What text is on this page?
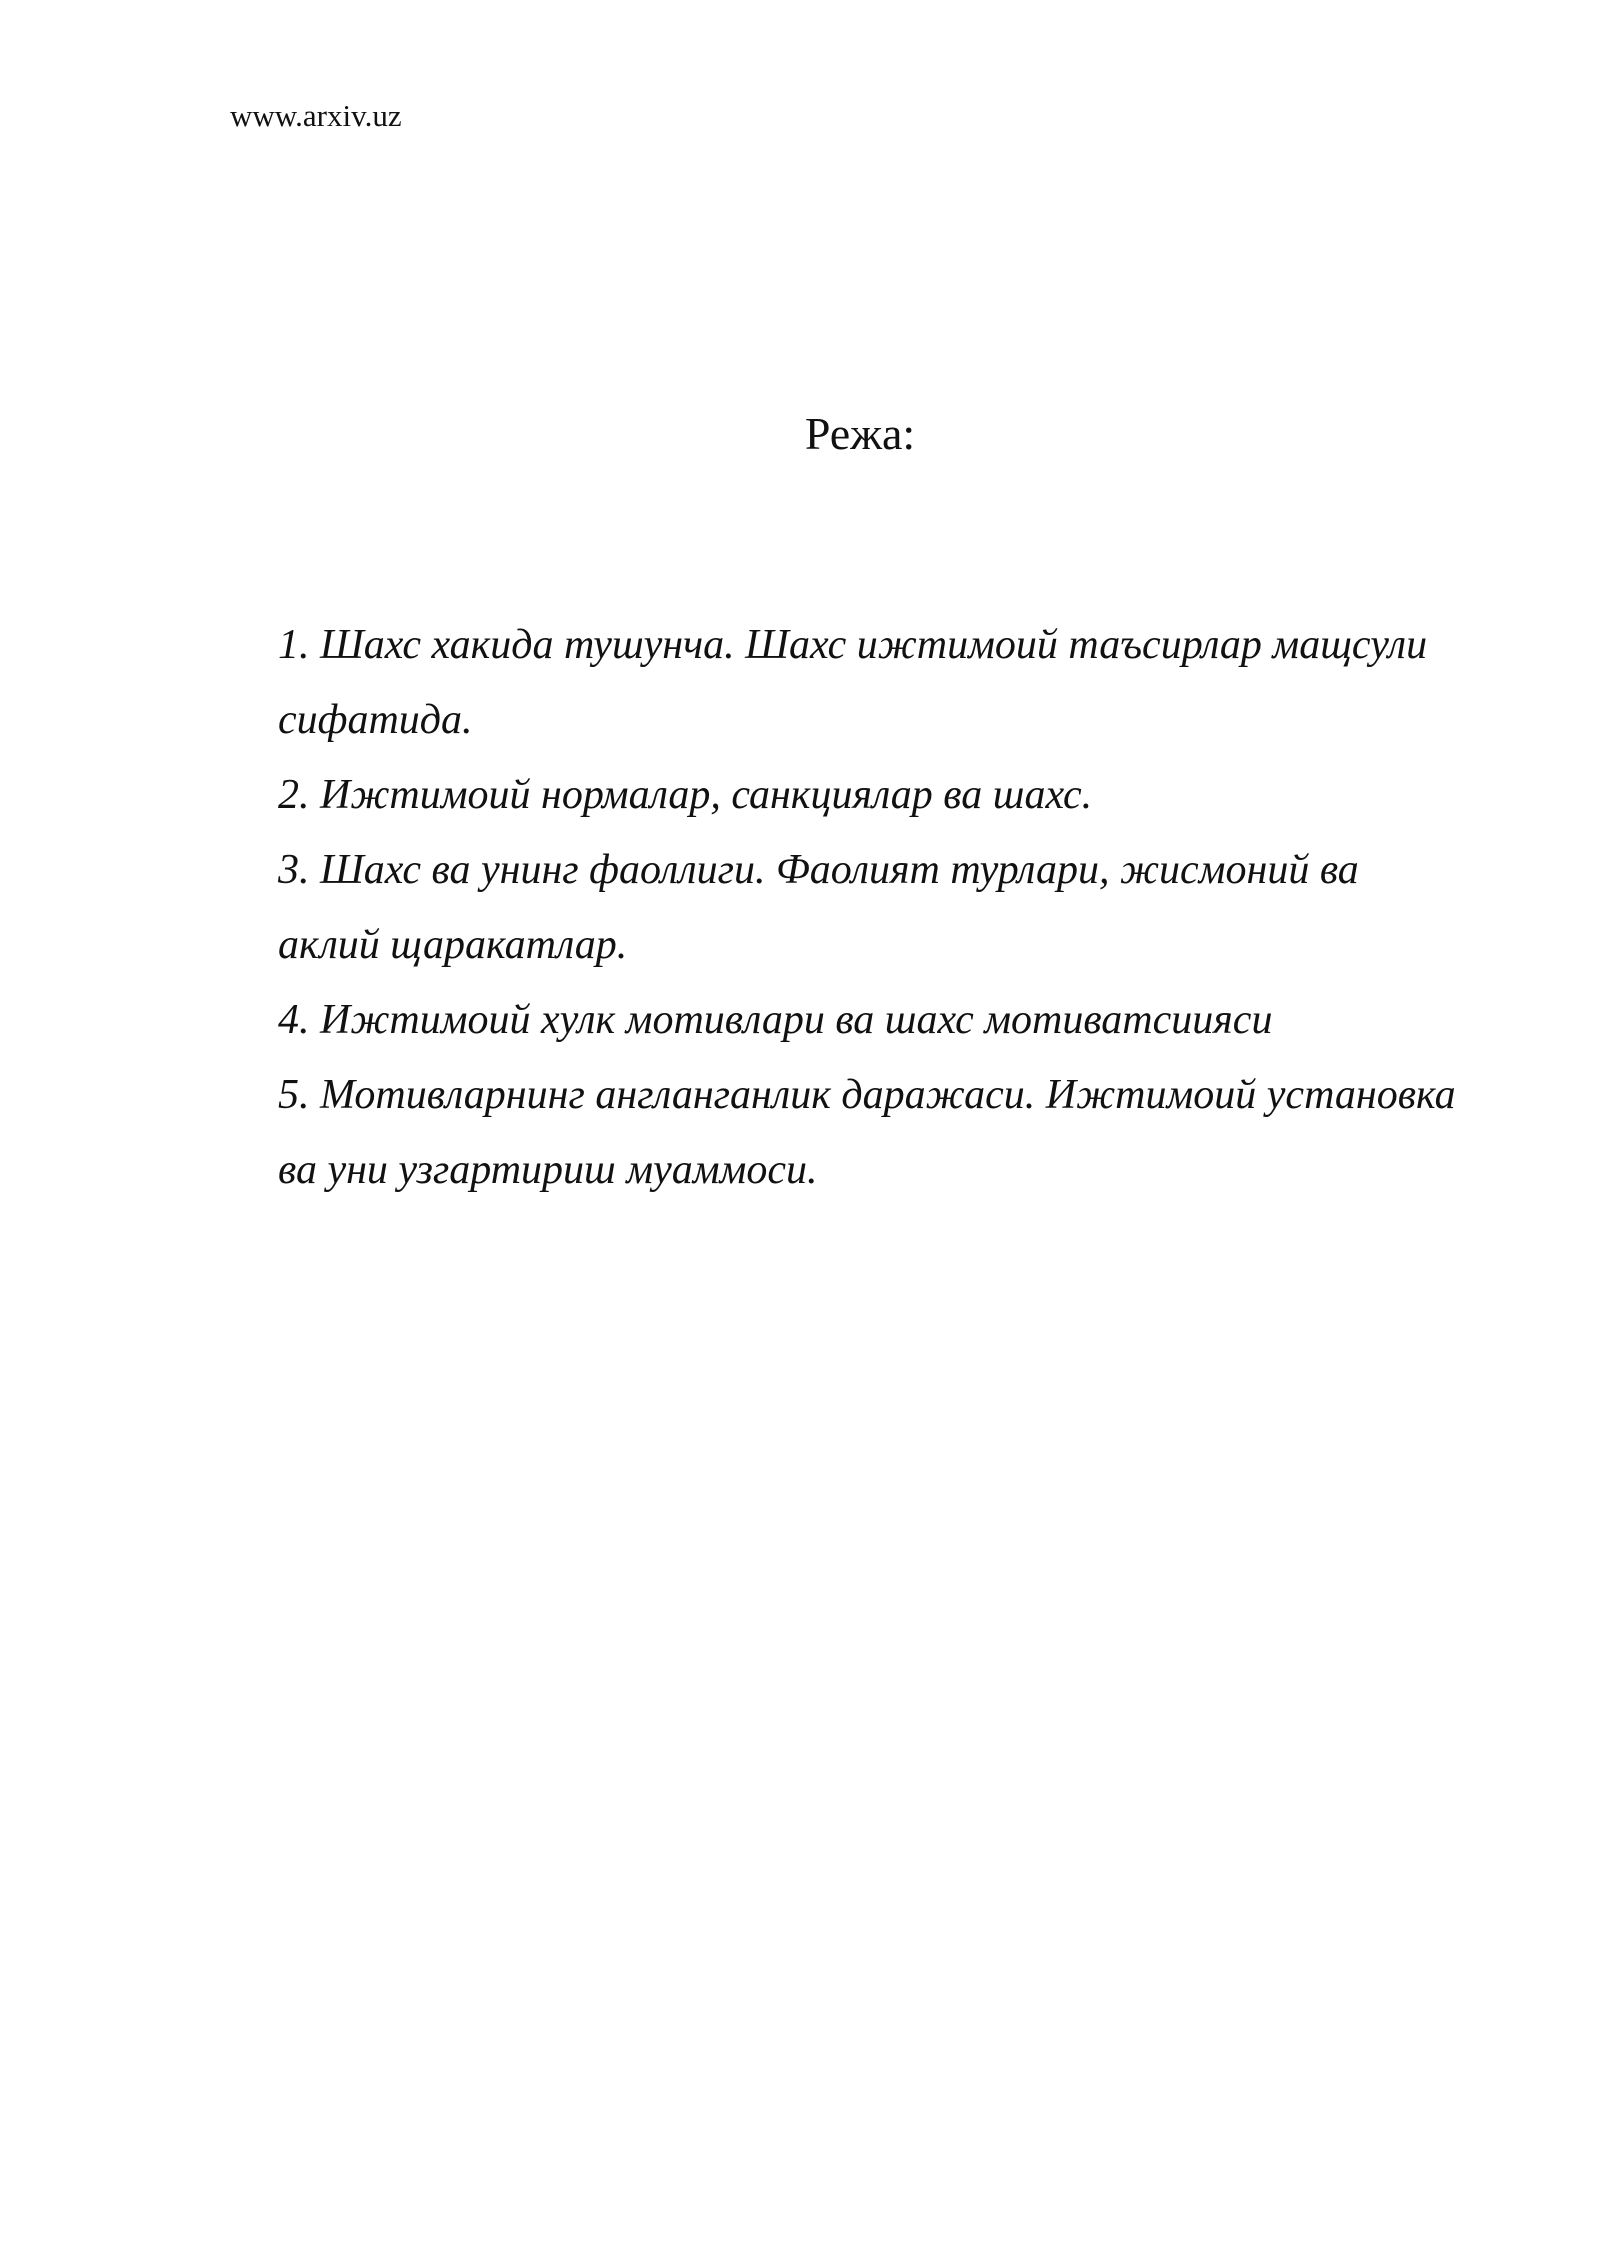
www.arxiv.uz
Режа:
1. Шахс хакида тушунча. Шахс ижтимоий таъсирлар мащсули
сифатида.
2. Ижтимоий нормалар, санкциялар ва шахс.
3. Шахс ва унинг фаоллиги. Фаолият турлари, жисмоний ва
аклий щаракатлар.
4. Ижтимоий хулк мотивлари ва шахс мотиватсиияси
5. Мотивларнинг англанганлик даражаси. Ижтимоий установка
ва уни узгартириш муаммоси.
